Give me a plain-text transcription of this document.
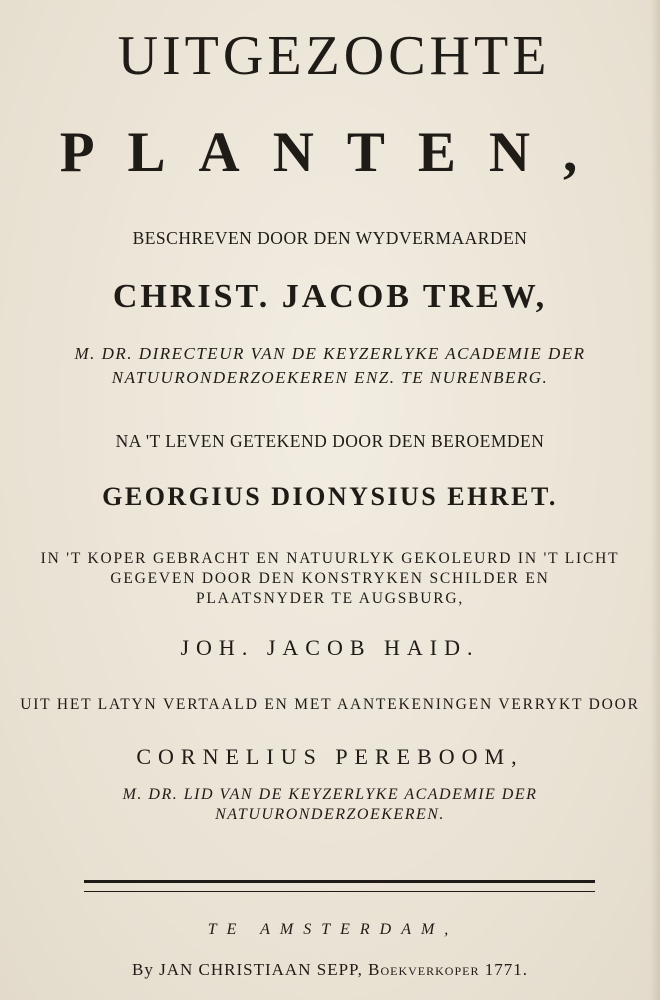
UITGEZOCHTE
PLANTEN,
BESCHREVEN DOOR DEN WYDVERMAARDEN
CHRIST. JACOB TREW,
M. DR. DIRECTEUR VAN DE KEYZERLYKE ACADEMIE DER
NATUURONDERZOEKEREN ENZ. TE NURENBERG.
NA 'T LEVEN GETEKEND DOOR DEN BEROEMDEN
GEORGIUS DIONYSIUS EHRET.
IN 'T KOPER GEBRACHT EN NATUURLYK GEKOLEURD IN 'T LICHT
GEGEVEN DOOR DEN KONSTRYKEN SCHILDER EN
PLAATSNYDER TE AUGSBURG,
JOH. JACOB HAID.
UIT HET LATYN VERTAALD EN MET AANTEKENINGEN VERRYKT DOOR
CORNELIUS PEREBOOM,
M. DR. LID VAN DE KEYZERLYKE ACADEMIE DER
NATUURONDERZOEKEREN.
TE AMSTERDAM,
By JAN CHRISTIAAN SEPP, Boekverkoper 1771.
